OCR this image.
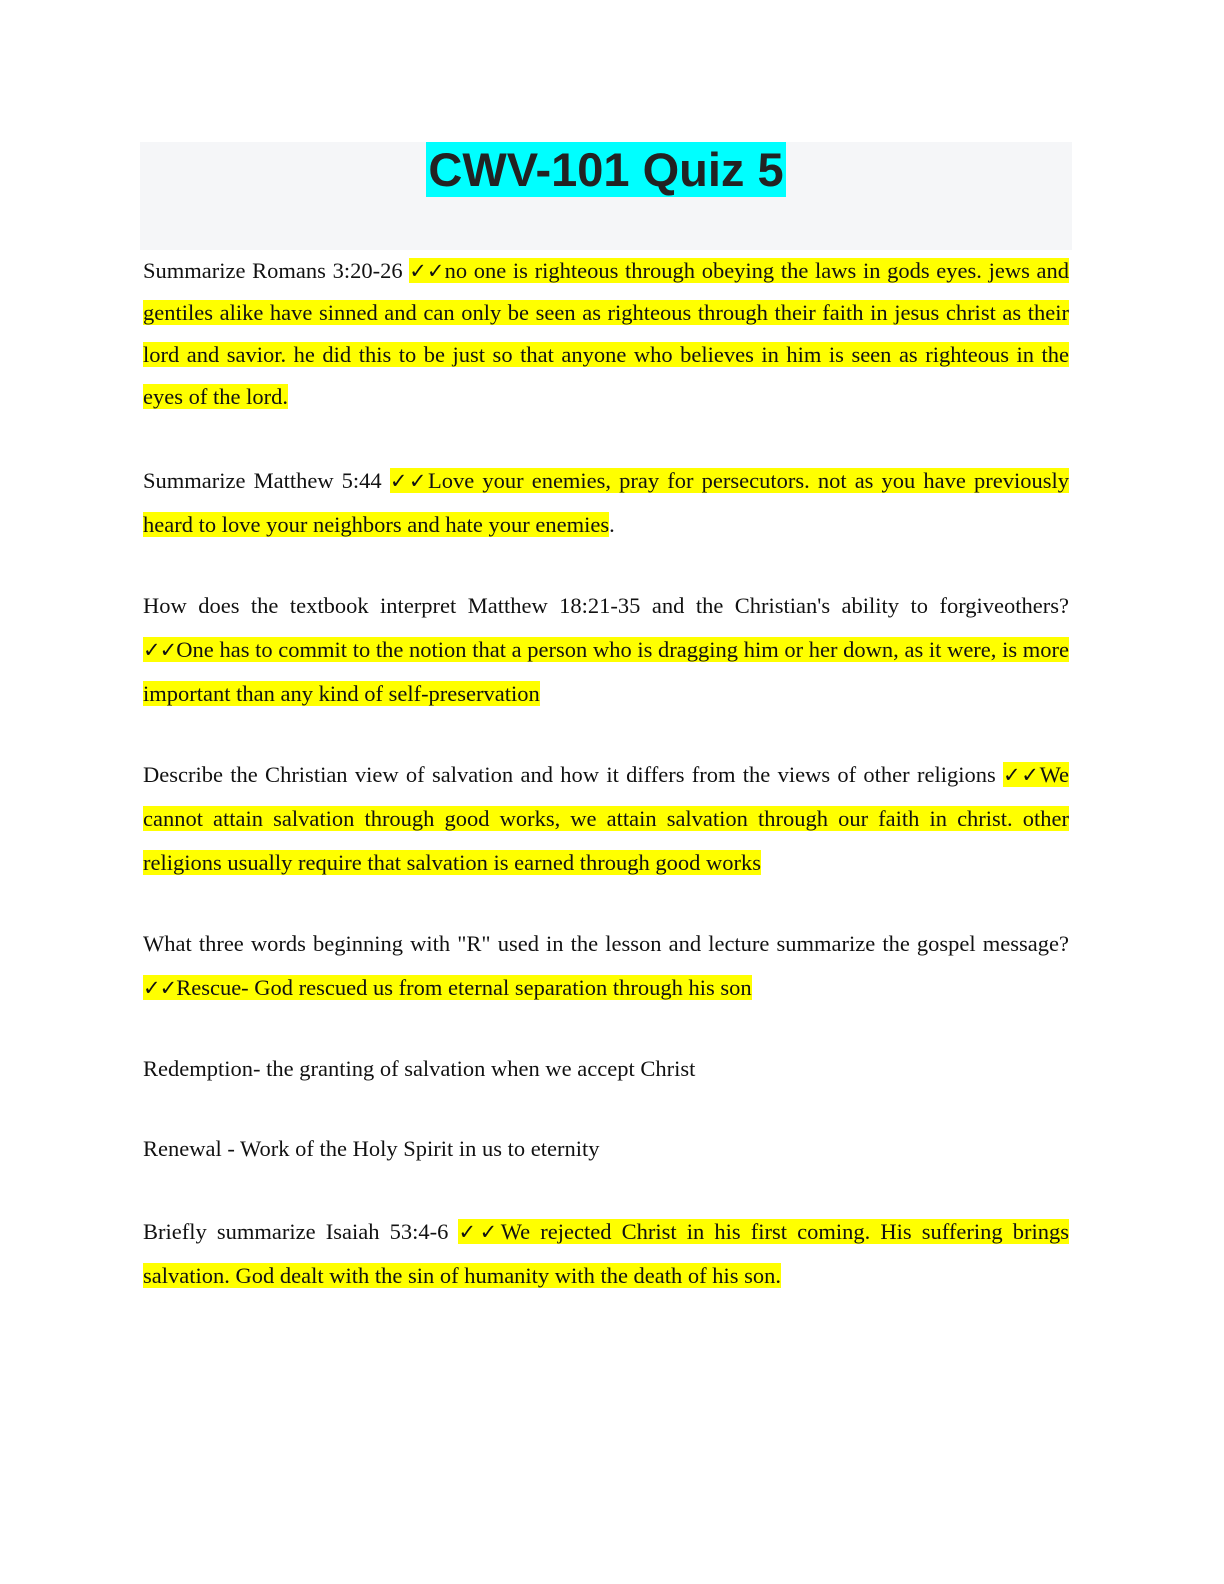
CWV-101 Quiz 5

Summarize Romans 3:20-26 ✓✓no one is righteous through obeying the laws in gods eyes. jews and gentiles alike have sinned and can only be seen as righteous through their faith in jesus christ as their lord and savior. he did this to be just so that anyone who believes in him is seen as righteous in the eyes of the lord.

Summarize Matthew 5:44 ✓✓Love your enemies, pray for persecutors. not as you have previously heard to love your neighbors and hate your enemies.

How does the textbook interpret Matthew 18:21-35 and the Christian's ability to forgiveothers? ✓✓One has to commit to the notion that a person who is dragging him or her down, as it were, is more important than any kind of self-preservation

Describe the Christian view of salvation and how it differs from the views of other religions ✓✓We cannot attain salvation through good works, we attain salvation through our faith in christ. other religions usually require that salvation is earned through good works

What three words beginning with "R" used in the lesson and lecture summarize the gospel message? ✓✓Rescue- God rescued us from eternal separation through his son

Redemption- the granting of salvation when we accept Christ

Renewal - Work of the Holy Spirit in us to eternity

Briefly summarize Isaiah 53:4-6 ✓✓We rejected Christ in his first coming. His suffering brings salvation. God dealt with the sin of humanity with the death of his son.
